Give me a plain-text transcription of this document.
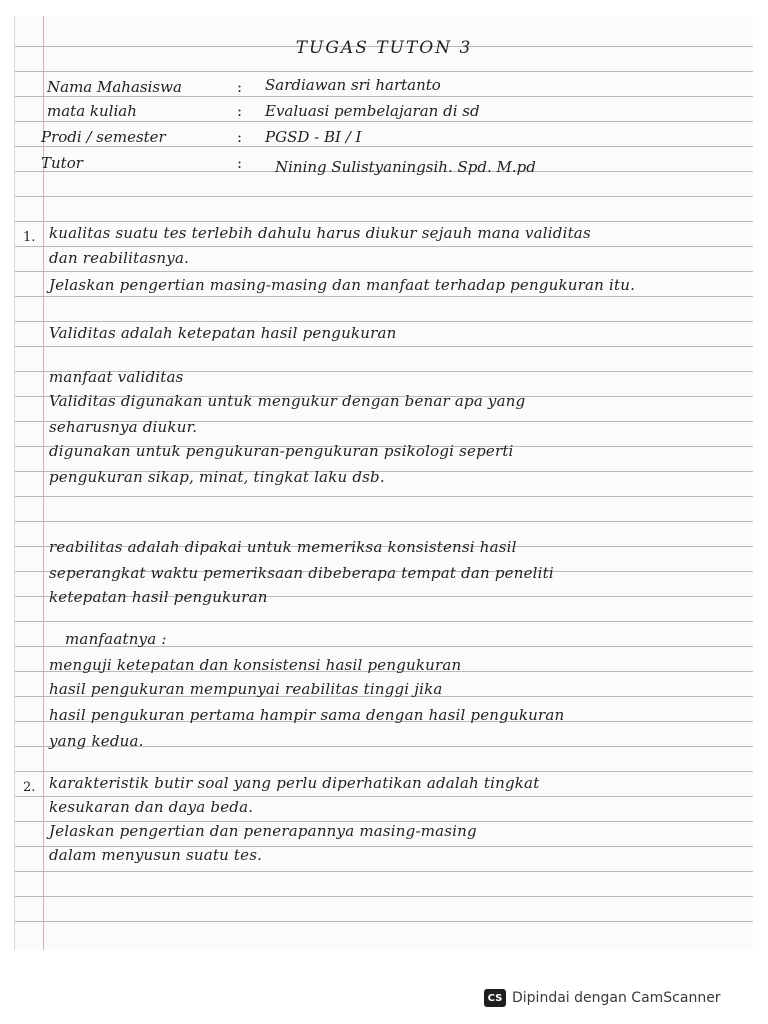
TUGAS TUTON 3
Nama Mahasiswa	: Sardiawan sri hartanto
mata kuliah	: Evaluasi pembelajaran di sd
Prodi / semester	: PGSD - BI / I
Tutor	: Nining Sulistyaningsih. Spd. M.pd
1. kualitas suatu tes terlebih dahulu harus diukur sejauh mana validitas
dan reabilitasnya.
Jelaskan pengertian masing-masing dan manfaat terhadap pengukuran itu.
Validitas adalah ketepatan hasil pengukuran
manfaat validitas
Validitas digunakan untuk mengukur dengan benar apa yang
seharusnya diukur.
digunakan untuk pengukuran-pengukuran psikologi seperti
pengukuran sikap, minat, tingkat laku dsb.
reabilitas adalah dipakai untuk memeriksa konsistensi hasil
seperangkat waktu pemeriksaan dibeberapa tempat dan peneliti
ketepatan hasil pengukuran
manfaatnya :
menguji ketepatan dan konsistensi hasil pengukuran
hasil pengukuran mempunyai reabilitas tinggi jika
hasil pengukuran pertama hampir sama dengan hasil pengukuran
yang kedua.
2. karakteristik butir soal yang perlu diperhatikan adalah tingkat
kesukaran dan daya beda.
Jelaskan pengertian dan penerapannya masing-masing
dalam menyusun suatu tes.
CS Dipindai dengan CamScanner
